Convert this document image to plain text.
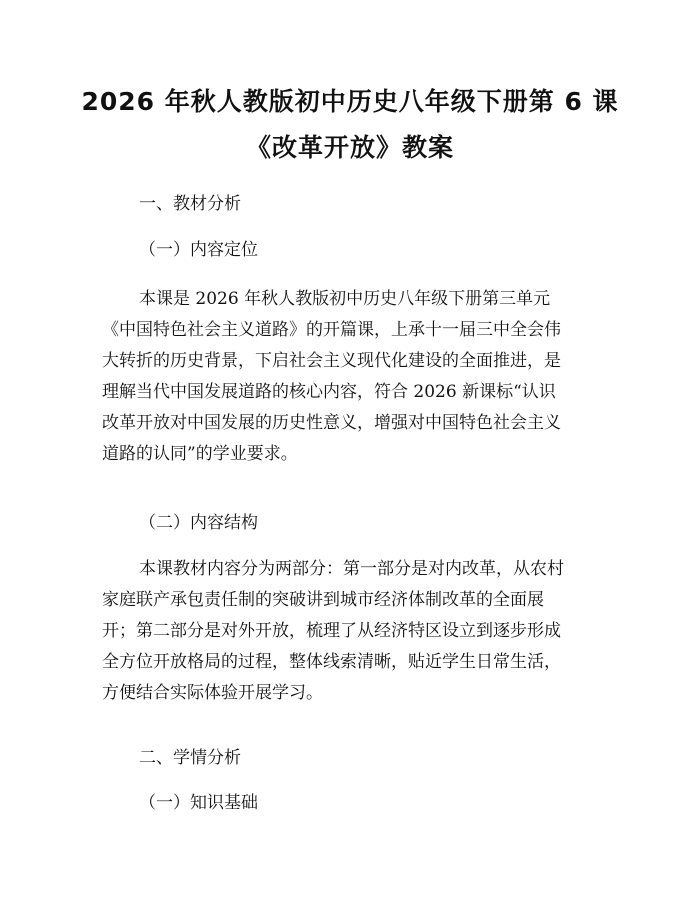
2026 年秋人教版初中历史八年级下册第 6 课
《改革开放》教案
一、教材分析
（一）内容定位
本课是 2026 年秋人教版初中历史八年级下册第三单元
《中国特色社会主义道路》的开篇课，上承十一届三中全会伟
大转折的历史背景，下启社会主义现代化建设的全面推进，是
理解当代中国发展道路的核心内容，符合 2026 新课标“认识
改革开放对中国发展的历史性意义，增强对中国特色社会主义
道路的认同”的学业要求。
（二）内容结构
本课教材内容分为两部分：第一部分是对内改革，从农村
家庭联产承包责任制的突破讲到城市经济体制改革的全面展
开；第二部分是对外开放，梳理了从经济特区设立到逐步形成
全方位开放格局的过程，整体线索清晰，贴近学生日常生活，
方便结合实际体验开展学习。
二、学情分析
（一）知识基础
